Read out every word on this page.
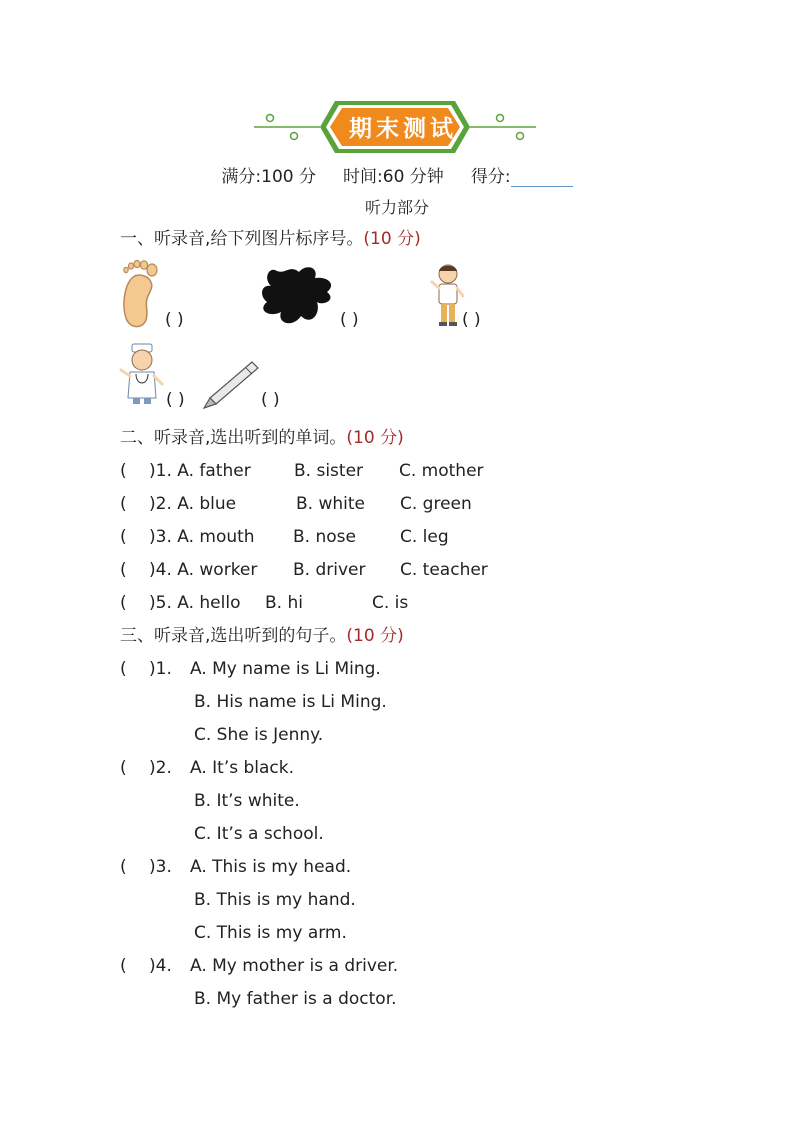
期 末 测 试
满分:100 分 时间:60 分钟 得分:
听力部分
一、听录音,给下列图片标序号。(10 分)
( )	( )	( )
( )	( )
二、听录音,选出听到的单词。(10 分)
( )1. A. father	B. sister C. mother
( )2. A. blue	B. white C. green
( )3. A. mouth B. nose	C. leg
( )4. A. worker B. driver C. teacher
( )5. A. hello B. hi	C. is
三、听录音,选出听到的句子。(10 分)
( )1. A. My name is Li Ming.
B. His name is Li Ming.
C. She is Jenny.
( )2. A. It’s black.
B. It’s white.
C. It’s a school.
( )3. A. This is my head.
B. This is my hand.
C. This is my arm.
( )4. A. My mother is a driver.
B. My father is a doctor.
